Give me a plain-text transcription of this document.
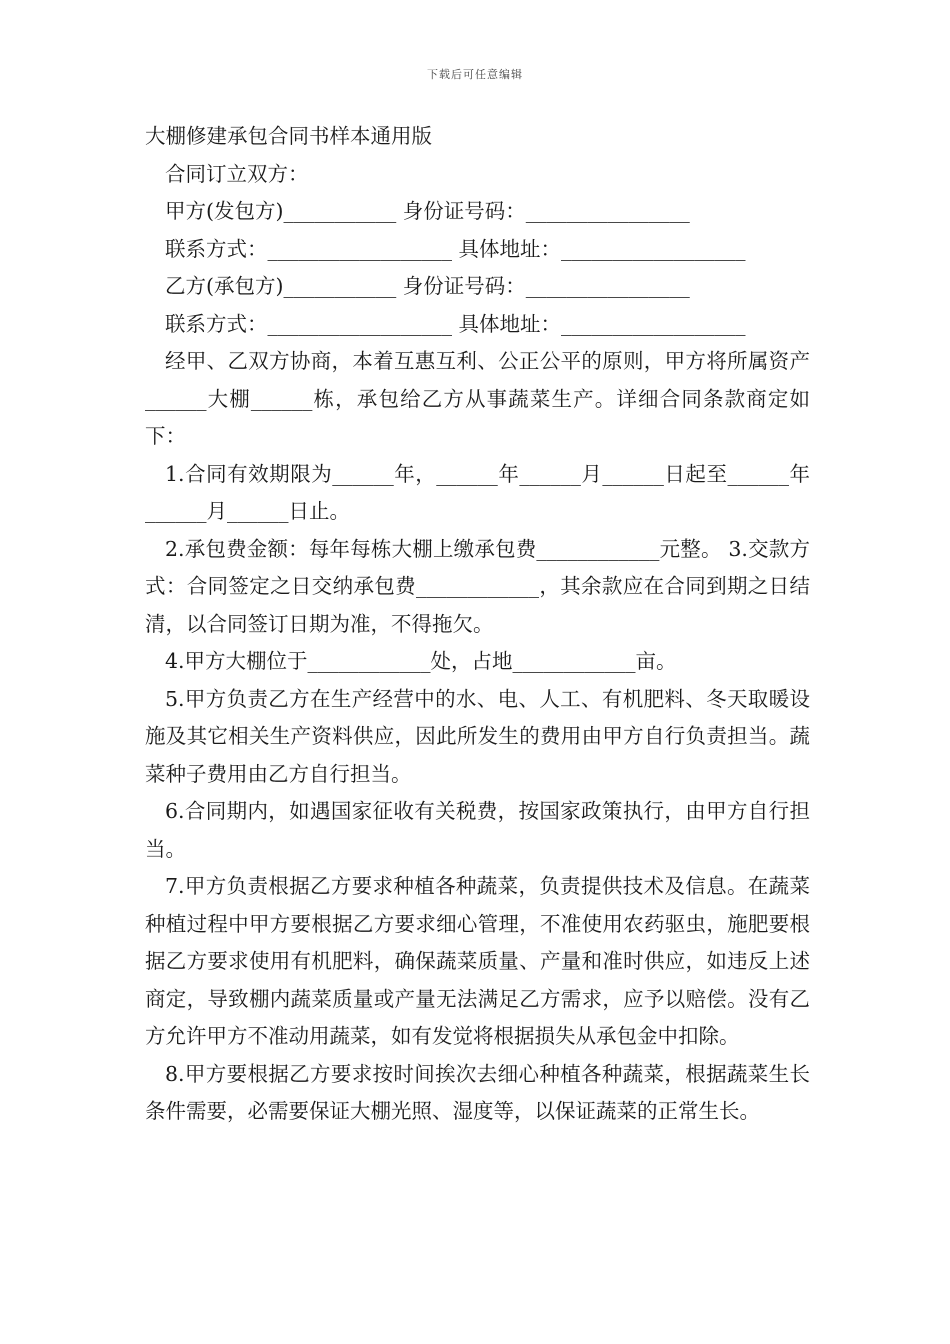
下载后可任意编辑
大棚修建承包合同书样本通用版
合同订立双方：
甲方(发包方)___________ 身份证号码：________________
联系方式：__________________ 具体地址：__________________
乙方(承包方)___________ 身份证号码：________________
联系方式：__________________ 具体地址：__________________
经甲、乙双方协商，本着互惠互利、公正公平的原则，甲方将所属资产______大棚______栋，承包给乙方从事蔬菜生产。详细合同条款商定如下：
1.合同有效期限为______年，______年______月______日起至______年______月______日止。
2.承包费金额：每年每栋大棚上缴承包费____________元整。 3.交款方式：合同签定之日交纳承包费____________，其余款应在合同到期之日结清，以合同签订日期为准，不得拖欠。
4.甲方大棚位于____________处，占地____________亩。
5.甲方负责乙方在生产经营中的水、电、人工、有机肥料、冬天取暖设施及其它相关生产资料供应，因此所发生的费用由甲方自行负责担当。蔬菜种子费用由乙方自行担当。
6.合同期内，如遇国家征收有关税费，按国家政策执行，由甲方自行担当。
7.甲方负责根据乙方要求种植各种蔬菜，负责提供技术及信息。在蔬菜种植过程中甲方要根据乙方要求细心管理，不准使用农药驱虫，施肥要根据乙方要求使用有机肥料，确保蔬菜质量、产量和准时供应，如违反上述商定，导致棚内蔬菜质量或产量无法满足乙方需求，应予以赔偿。没有乙方允许甲方不准动用蔬菜，如有发觉将根据损失从承包金中扣除。
8.甲方要根据乙方要求按时间挨次去细心种植各种蔬菜，根据蔬菜生长条件需要，必需要保证大棚光照、湿度等，以保证蔬菜的正常生长。
